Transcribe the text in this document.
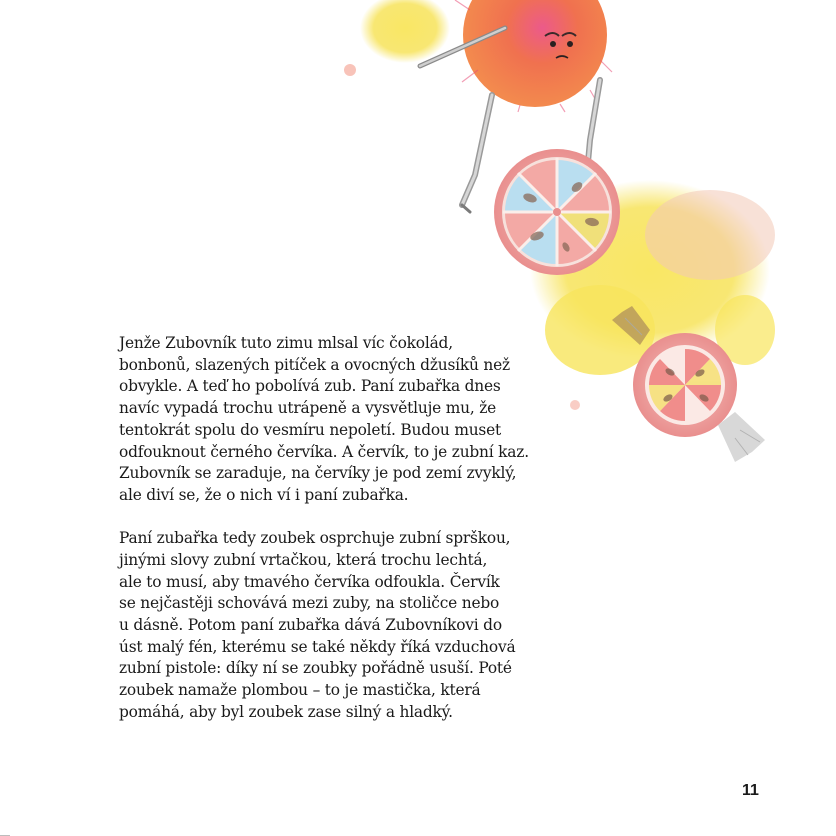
Jenže Zubovník tuto zimu mlsal víc čokolád,
bonbonů, slazených pitíček a ovocných džusíků než
obvykle. A teď ho pobolívá zub. Paní zubařka dnes
navíc vypadá trochu utrápeně a vysvětluje mu, že
tentokrát spolu do vesmíru nepoletí. Budou muset
odfouknout černého červíka. A červík, to je zubní kaz.
Zubovník se zaraduje, na červíky je pod zemí zvyklý,
ale diví se, že o nich ví i paní zubařka.

Paní zubařka tedy zoubek osprchuje zubní sprškou,
jinými slovy zubní vrtačkou, která trochu lechtá,
ale to musí, aby tmavého červíka odfoukla. Červík
se nejčastěji schovává mezi zuby, na stoličce nebo
u dásně. Potom paní zubařka dává Zubovníkovi do
úst malý fén, kterému se také někdy říká vzduchová
zubní pistole: díky ní se zoubky pořádně usuší. Poté
zoubek namaže plombou – to je mastička, která
pomáhá, aby byl zoubek zase silný a hladký.

11
